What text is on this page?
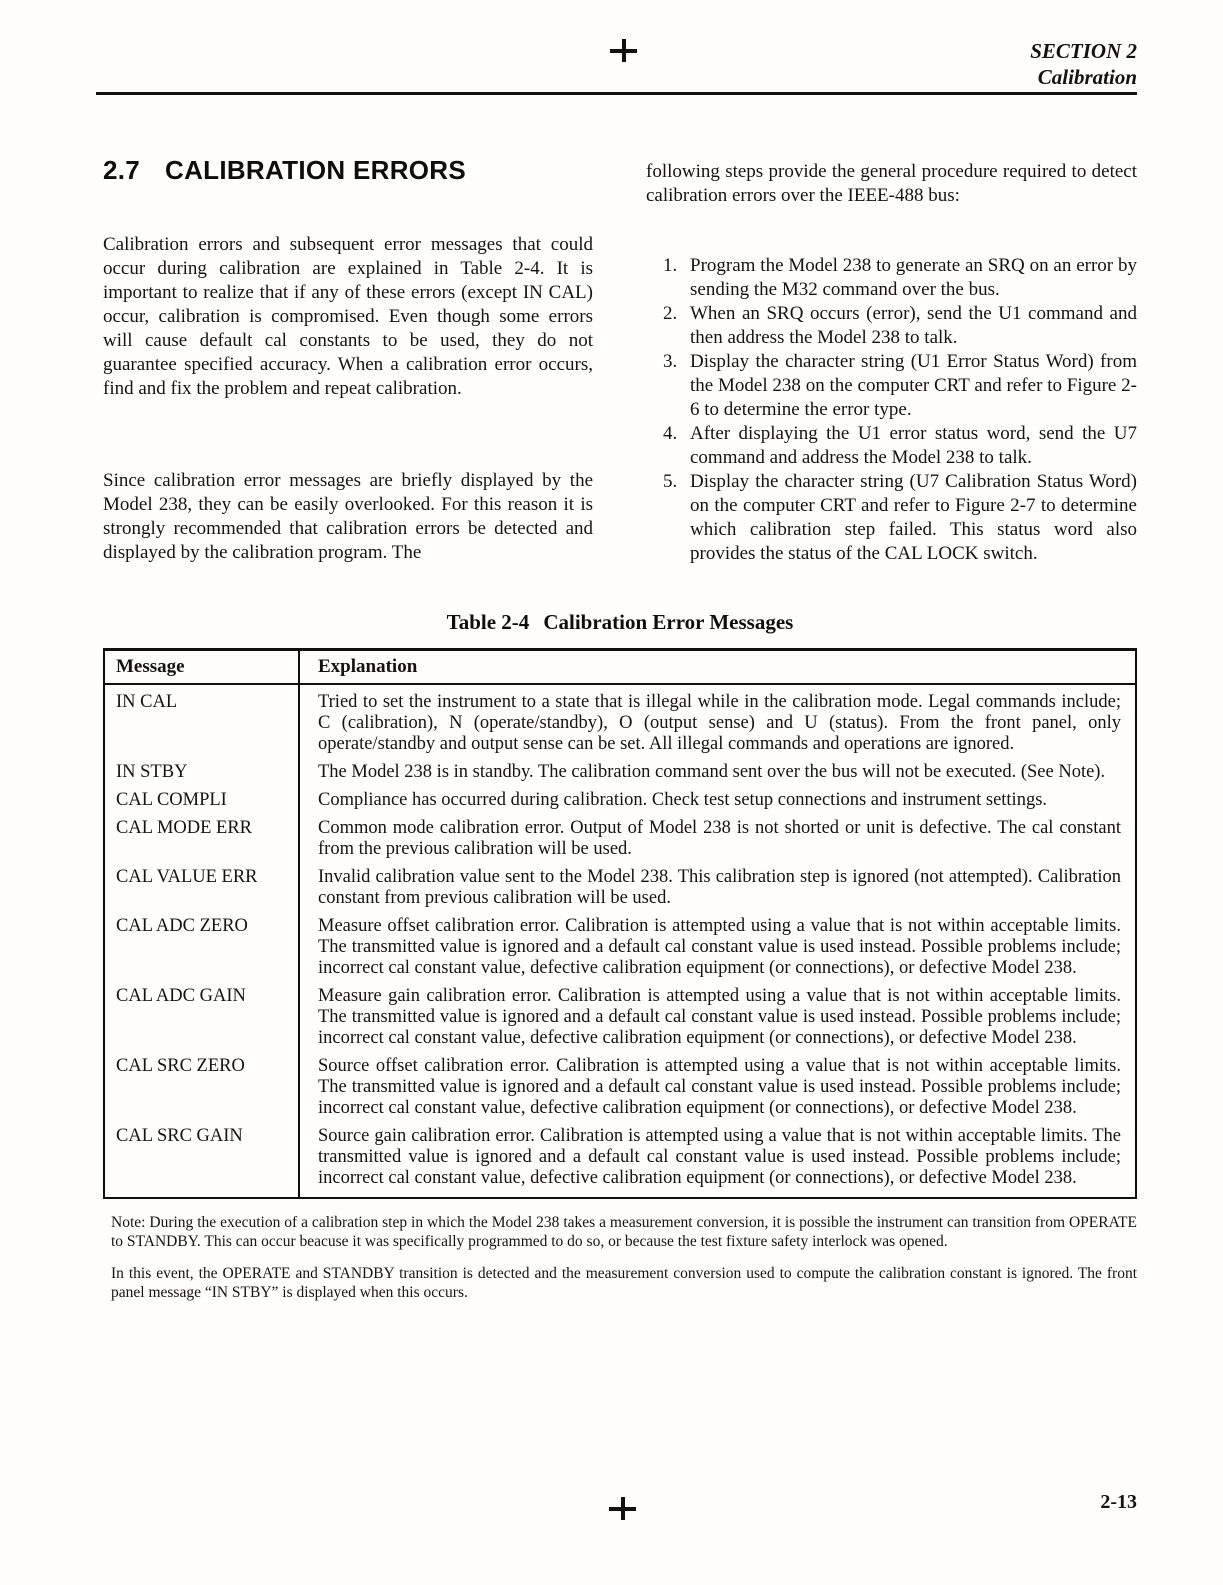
SECTION 2
Calibration
2.7 CALIBRATION ERRORS

Calibration errors and subsequent error messages that could occur during calibration are explained in Table 2-4. It is important to realize that if any of these errors (except IN CAL) occur, calibration is compromised. Even though some errors will cause default cal constants to be used, they do not guarantee specified accuracy. When a calibration error occurs, find and fix the problem and repeat calibration.

Since calibration error messages are briefly displayed by the Model 238, they can be easily overlooked. For this reason it is strongly recommended that calibration errors be detected and displayed by the calibration program. The

following steps provide the general procedure required to detect calibration errors over the IEEE-488 bus:

1. Program the Model 238 to generate an SRQ on an error by sending the M32 command over the bus.
2. When an SRQ occurs (error), send the U1 command and then address the Model 238 to talk.
3. Display the character string (U1 Error Status Word) from the Model 238 on the computer CRT and refer to Figure 2-6 to determine the error type.
4. After displaying the U1 error status word, send the U7 command and address the Model 238 to talk.
5. Display the character string (U7 Calibration Status Word) on the computer CRT and refer to Figure 2-7 to determine which calibration step failed. This status word also provides the status of the CAL LOCK switch.
Table 2-4 Calibration Error Messages
Message	Explanation
IN CAL	Tried to set the instrument to a state that is illegal while in the calibration mode. Legal commands include; C (calibration), N (operate/standby), O (output sense) and U (status). From the front panel, only operate/standby and output sense can be set. All illegal commands and operations are ignored.
IN STBY	The Model 238 is in standby. The calibration command sent over the bus will not be executed. (See Note).
CAL COMPLI	Compliance has occurred during calibration. Check test setup connections and instrument settings.
CAL MODE ERR	Common mode calibration error. Output of Model 238 is not shorted or unit is defective. The cal constant from the previous calibration will be used.
CAL VALUE ERR	Invalid calibration value sent to the Model 238. This calibration step is ignored (not attempted). Calibration constant from previous calibration will be used.
CAL ADC ZERO	Measure offset calibration error. Calibration is attempted using a value that is not within acceptable limits. The transmitted value is ignored and a default cal constant value is used instead. Possible problems include; incorrect cal constant value, defective calibration equipment (or connections), or defective Model 238.
CAL ADC GAIN	Measure gain calibration error. Calibration is attempted using a value that is not within acceptable limits. The transmitted value is ignored and a default cal constant value is used instead. Possible problems include; incorrect cal constant value, defective calibration equipment (or connections), or defective Model 238.
CAL SRC ZERO	Source offset calibration error. Calibration is attempted using a value that is not within acceptable limits. The transmitted value is ignored and a default cal constant value is used instead. Possible problems include; incorrect cal constant value, defective calibration equipment (or connections), or defective Model 238.
CAL SRC GAIN	Source gain calibration error. Calibration is attempted using a value that is not within acceptable limits. The transmitted value is ignored and a default cal constant value is used instead. Possible problems include; incorrect cal constant value, defective calibration equipment (or connections), or defective Model 238.

Note: During the execution of a calibration step in which the Model 238 takes a measurement conversion, it is possible the instrument can transition from OPERATE to STANDBY. This can occur beacuse it was specifically programmed to do so, or because the test fixture safety interlock was opened.

In this event, the OPERATE and STANDBY transition is detected and the measurement conversion used to compute the calibration constant is ignored. The front panel message “IN STBY” is displayed when this occurs.

2-13
